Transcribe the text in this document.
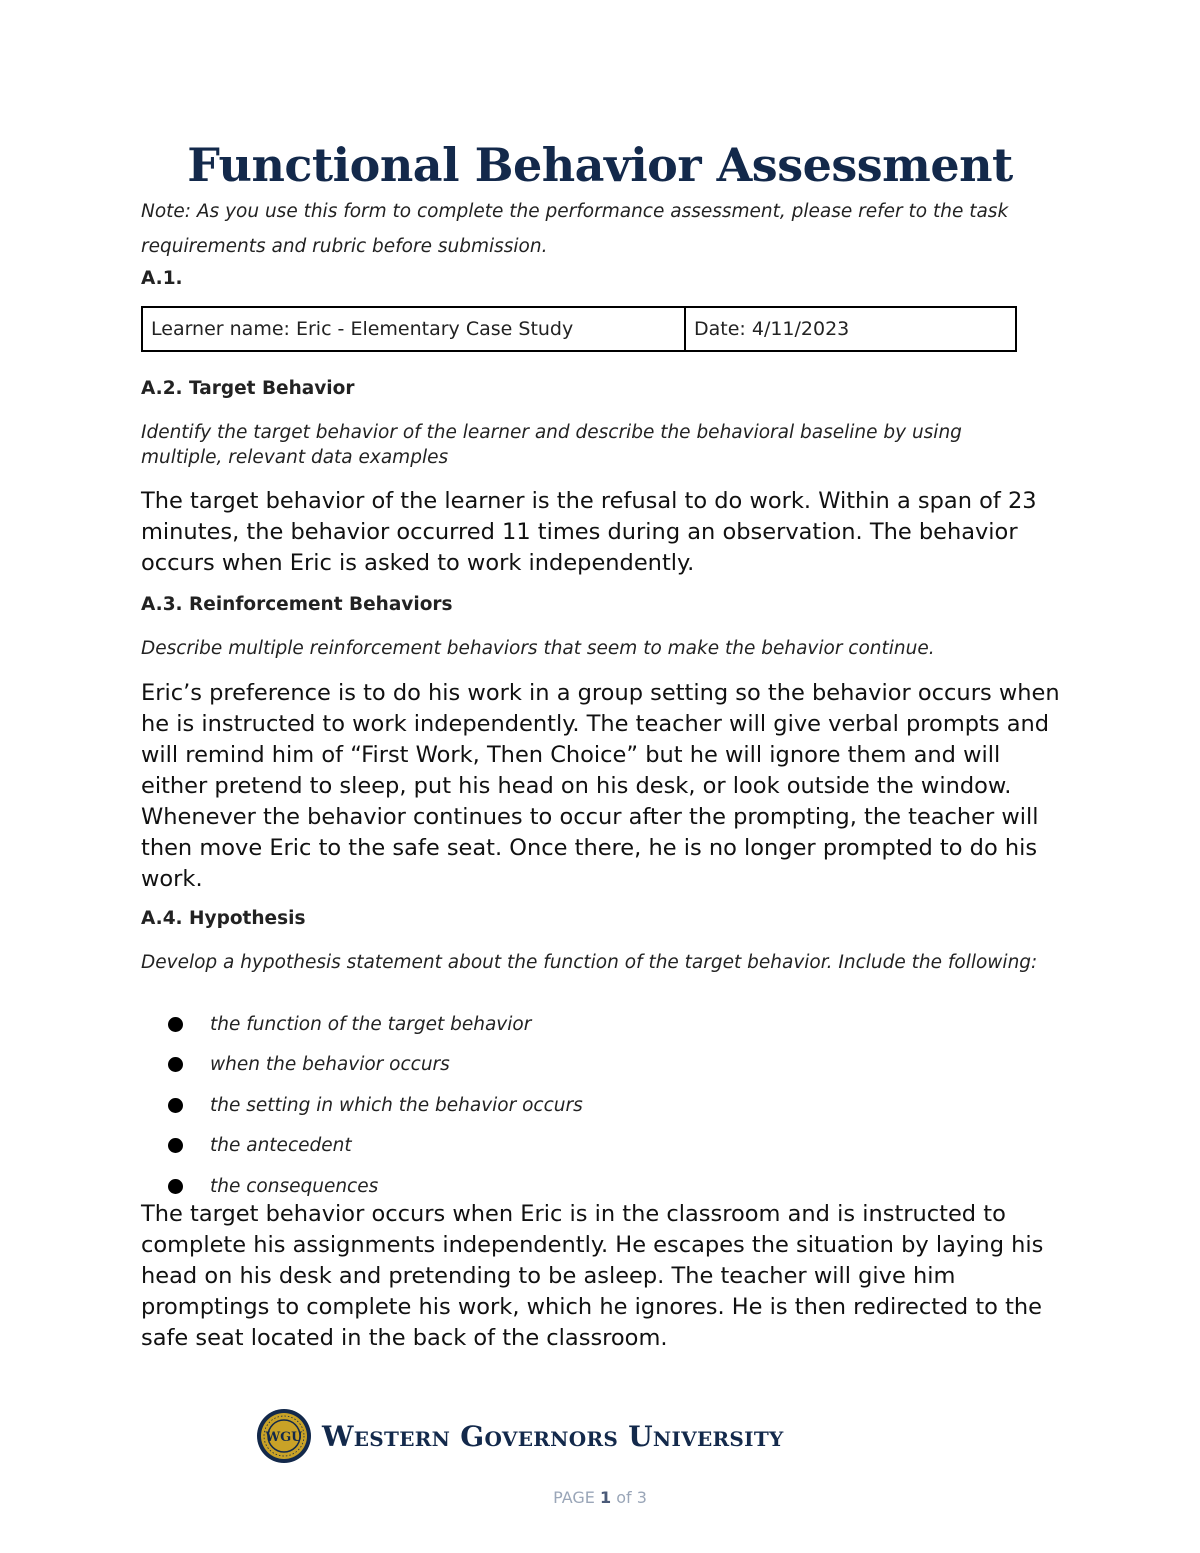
Functional Behavior Assessment
Note: As you use this form to complete the performance assessment, please refer to the task requirements and rubric before submission.
A.1.
Learner name: Eric - Elementary Case Study	Date: 4/11/2023
A.2. Target Behavior
Identify the target behavior of the learner and describe the behavioral baseline by using multiple, relevant data examples
The target behavior of the learner is the refusal to do work. Within a span of 23 minutes, the behavior occurred 11 times during an observation. The behavior occurs when Eric is asked to work independently.
A.3. Reinforcement Behaviors
Describe multiple reinforcement behaviors that seem to make the behavior continue.
Eric’s preference is to do his work in a group setting so the behavior occurs when he is instructed to work independently. The teacher will give verbal prompts and will remind him of “First Work, Then Choice” but he will ignore them and will either pretend to sleep, put his head on his desk, or look outside the window. Whenever the behavior continues to occur after the prompting, the teacher will then move Eric to the safe seat. Once there, he is no longer prompted to do his work.
A.4. Hypothesis
Develop a hypothesis statement about the function of the target behavior. Include the following:
the function of the target behavior
when the behavior occurs
the setting in which the behavior occurs
the antecedent
the consequences
The target behavior occurs when Eric is in the classroom and is instructed to complete his assignments independently. He escapes the situation by laying his head on his desk and pretending to be asleep. The teacher will give him promptings to complete his work, which he ignores. He is then redirected to the safe seat located in the back of the classroom.
WGU Western Governors University
PAGE 1 of 3
